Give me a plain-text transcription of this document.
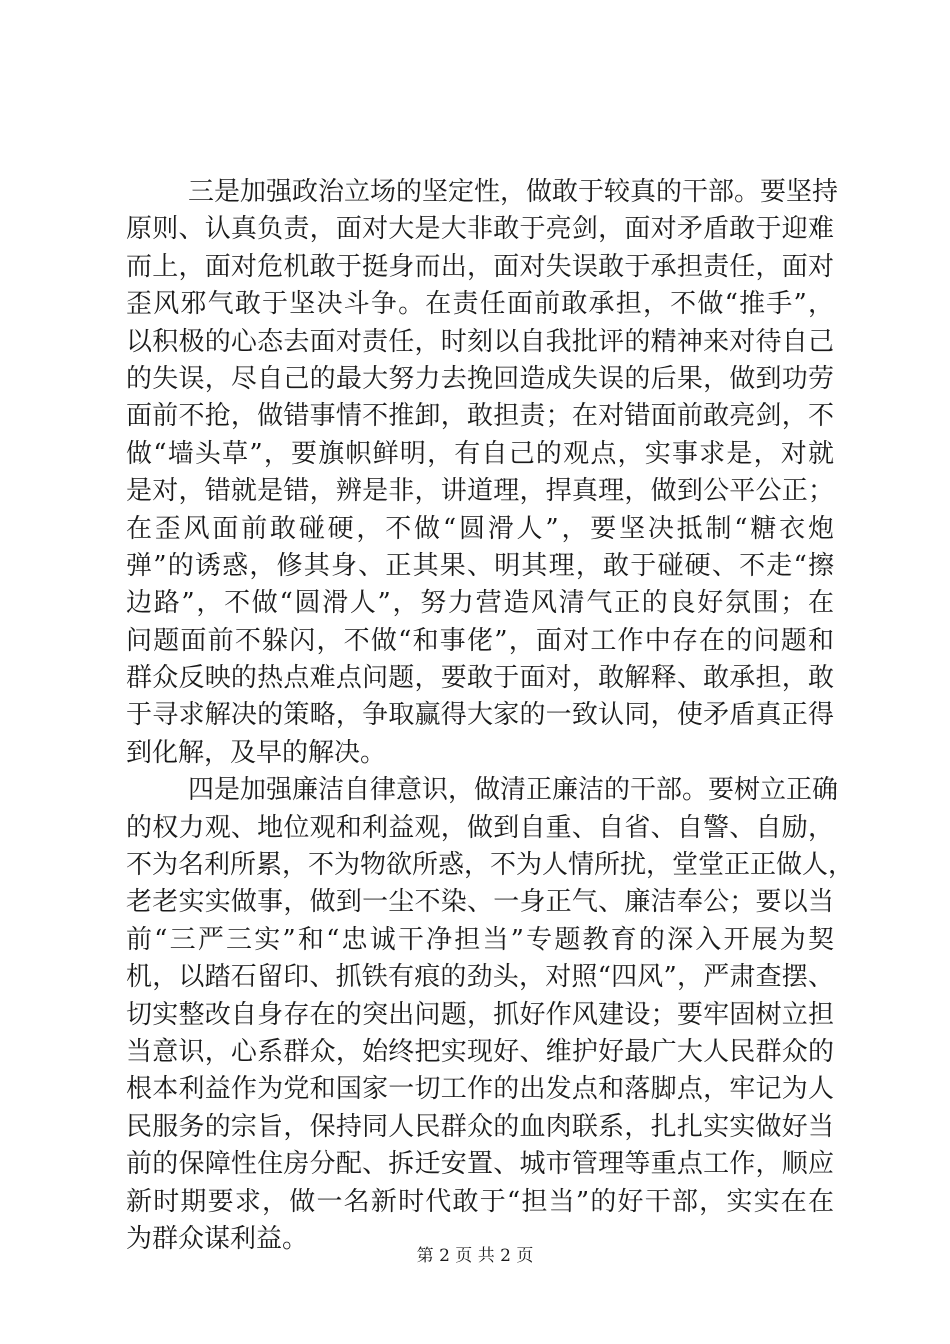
三是加强政治立场的坚定性，做敢于较真的干部。要坚持
原则、认真负责，面对大是大非敢于亮剑，面对矛盾敢于迎难
而上，面对危机敢于挺身而出，面对失误敢于承担责任，面对
歪风邪气敢于坚决斗争。在责任面前敢承担，不做“推手”，
以积极的心态去面对责任，时刻以自我批评的精神来对待自己
的失误，尽自己的最大努力去挽回造成失误的后果，做到功劳
面前不抢，做错事情不推卸，敢担责；在对错面前敢亮剑，不
做“墙头草”，要旗帜鲜明，有自己的观点，实事求是，对就
是对，错就是错，辨是非，讲道理，捍真理，做到公平公正；
在歪风面前敢碰硬，不做“圆滑人”，要坚决抵制“糖衣炮
弹”的诱惑，修其身、正其果、明其理，敢于碰硬、不走“擦
边路”，不做“圆滑人”，努力营造风清气正的良好氛围；在
问题面前不躲闪，不做“和事佬”，面对工作中存在的问题和
群众反映的热点难点问题，要敢于面对，敢解释、敢承担，敢
于寻求解决的策略，争取赢得大家的一致认同，使矛盾真正得
到化解，及早的解决。
四是加强廉洁自律意识，做清正廉洁的干部。要树立正确
的权力观、地位观和利益观，做到自重、自省、自警、自励，
不为名利所累，不为物欲所惑，不为人情所扰，堂堂正正做人，
老老实实做事，做到一尘不染、一身正气、廉洁奉公；要以当
前“三严三实”和“忠诚干净担当”专题教育的深入开展为契
机，以踏石留印、抓铁有痕的劲头，对照“四风”，严肃查摆、
切实整改自身存在的突出问题，抓好作风建设；要牢固树立担
当意识，心系群众，始终把实现好、维护好最广大人民群众的
根本利益作为党和国家一切工作的出发点和落脚点，牢记为人
民服务的宗旨，保持同人民群众的血肉联系，扎扎实实做好当
前的保障性住房分配、拆迁安置、城市管理等重点工作，顺应
新时期要求，做一名新时代敢于“担当”的好干部，实实在在
为群众谋利益。
第 2 页 共 2 页
